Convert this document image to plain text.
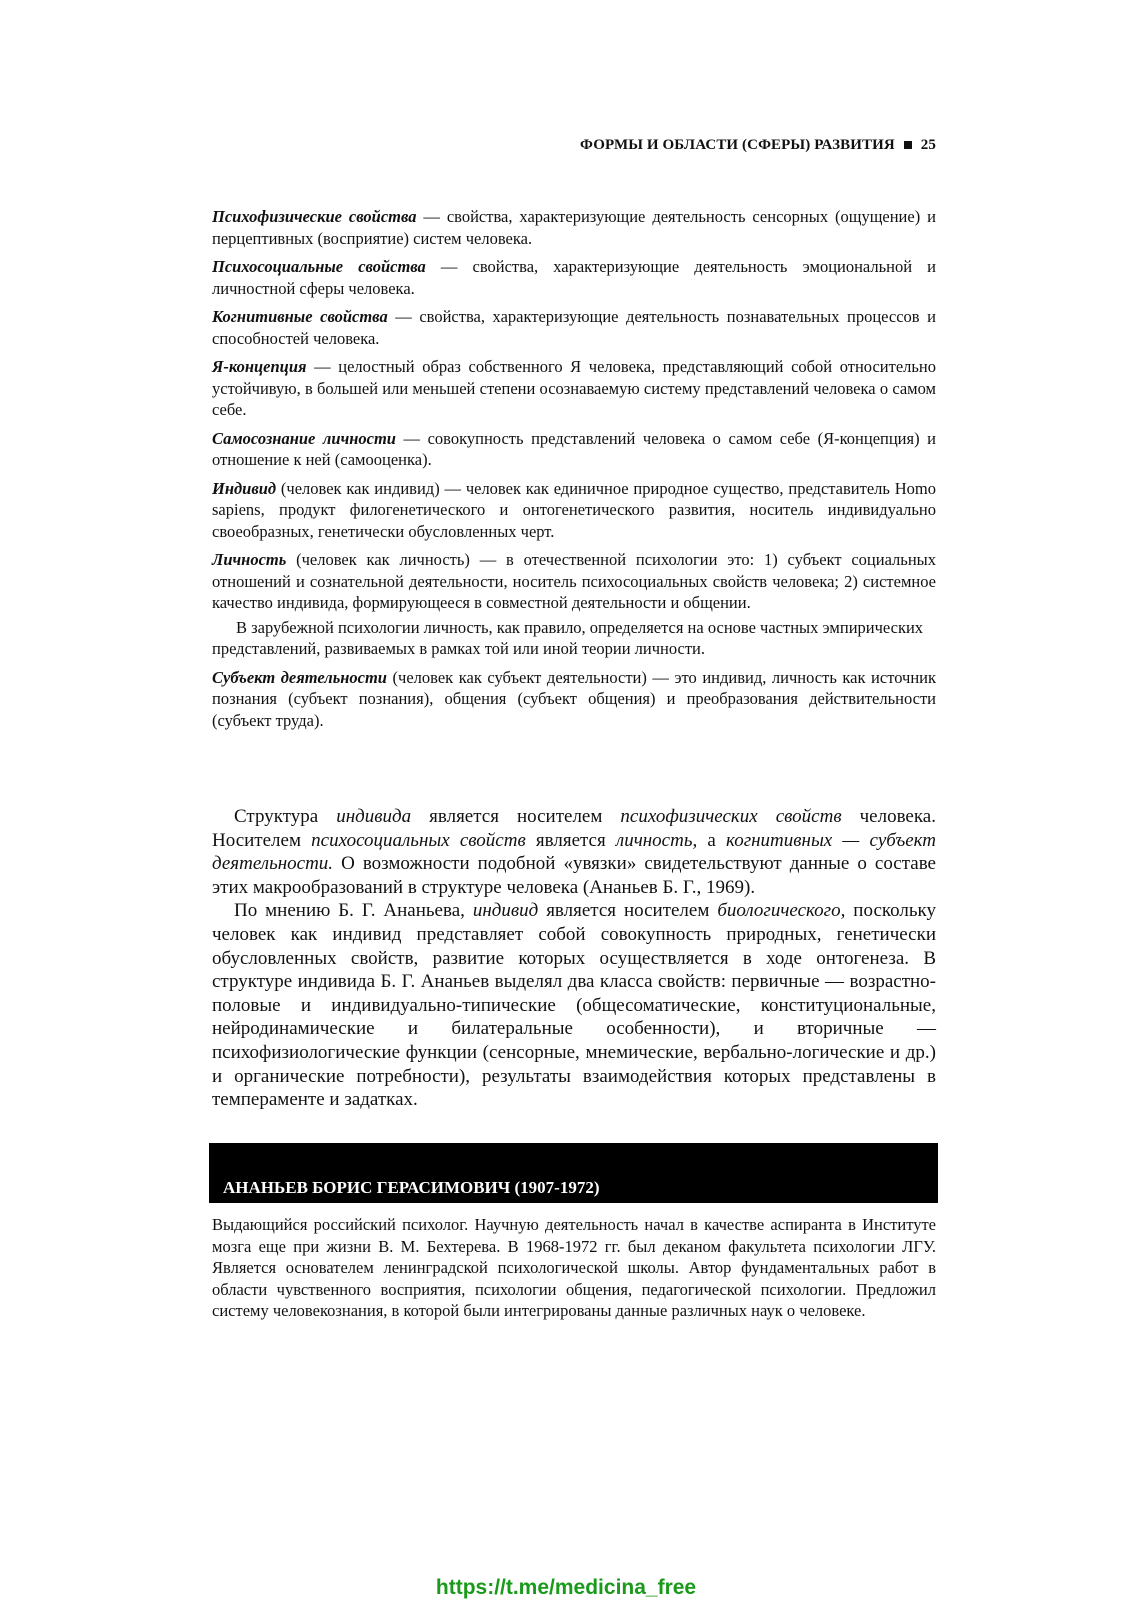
ФОРМЫ И ОБЛАСТИ (СФЕРЫ) РАЗВИТИЯ 25

Психофизические свойства — свойства, характеризующие деятельность сенсорных (ощущение) и перцептивных (восприятие) систем человека.

Психосоциальные свойства — свойства, характеризующие деятельность эмоциональной и личностной сферы человека.

Когнитивные свойства — свойства, характеризующие деятельность познавательных процессов и способностей человека.

Я-концепция — целостный образ собственного Я человека, представляющий собой относительно устойчивую, в большей или меньшей степени осознаваемую систему представлений человека о самом себе.

Самосознание личности — совокупность представлений человека о самом себе (Я-концепция) и отношение к ней (самооценка).

Индивид (человек как индивид) — человек как единичное природное существо, представитель Homo sapiens, продукт филогенетического и онтогенетического развития, носитель индивидуально своеобразных, генетически обусловленных черт.

Личность (человек как личность) — в отечественной психологии это: 1) субъект социальных отношений и сознательной деятельности, носитель психосоциальных свойств человека; 2) системное качество индивида, формирующееся в совместной деятельности и общении.

В зарубежной психологии личность, как правило, определяется на основе частных эмпирических представлений, развиваемых в рамках той или иной теории личности.

Субъект деятельности (человек как субъект деятельности) — это индивид, личность как источник познания (субъект познания), общения (субъект общения) и преобразования действительности (субъект труда).

Структура индивида является носителем психофизических свойств человека. Носителем психосоциальных свойств является личность, а когнитивных — субъект деятельности. О возможности подобной «увязки» свидетельствуют данные о составе этих макрообразований в структуре человека (Ананьев Б. Г., 1969).

По мнению Б. Г. Ананьева, индивид является носителем биологического, поскольку человек как индивид представляет собой совокупность природных, генетически обусловленных свойств, развитие которых осуществляется в ходе онтогенеза. В структуре индивида Б. Г. Ананьев выделял два класса свойств: первичные — возрастно-половые и индивидуально-типические (общесоматические, конституциональные, нейродинамические и билатеральные особенности), и вторичные — психофизиологические функции (сенсорные, мнемические, вербально-логические и др.) и органические потребности), результаты взаимодействия которых представлены в темпераменте и задатках.

АНАНЬЕВ БОРИС ГЕРАСИМОВИЧ (1907-1972)

Выдающийся российский психолог. Научную деятельность начал в качестве аспиранта в Институте мозга еще при жизни В. М. Бехтерева. В 1968-1972 гг. был деканом факультета психологии ЛГУ. Является основателем ленинградской психологической школы. Автор фундаментальных работ в области чувственного восприятия, психологии общения, педагогической психологии. Предложил систему человекознания, в которой были интегрированы данные различных наук о человеке.

https://t.me/medicina_free
